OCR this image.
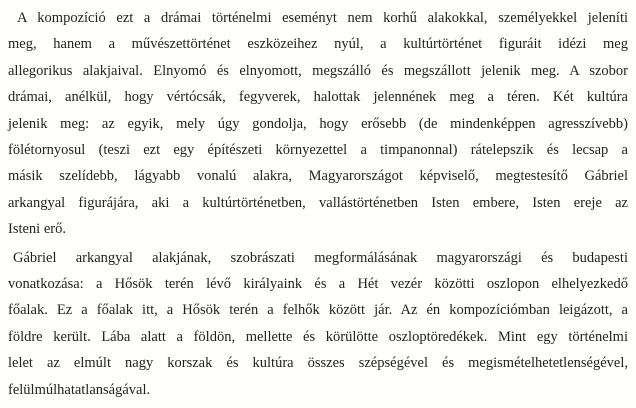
A kompozíció ezt a drámai történelmi eseményt nem korhű alakokkal, személyekkel jeleníti
meg, hanem a művészettörténet eszközeihez nyúl, a kultúrtörténet figuráit idézi meg
allegorikus alakjaival. Elnyomó és elnyomott, megszálló és megszállott jelenik meg. A szobor
drámai, anélkül, hogy vértócsák, fegyverek, halottak jelennének meg a téren. Két kultúra
jelenik meg: az egyik, mely úgy gondolja, hogy erősebb (de mindenképpen agresszívebb)
fölétornyosul (teszi ezt egy építészeti környezettel a timpanonnal) rátelepszik és lecsap a
másik szelídebb, lágyabb vonalú alakra, Magyarországot képviselő, megtestesítő Gábriel
arkangyal figurájára, aki a kultúrtörténetben, vallástörténetben Isten embere, Isten ereje az
Isteni erő.
Gábriel arkangyal alakjának, szobrászati megformálásának magyarországi és budapesti
vonatkozása: a Hősök terén lévő királyaink és a Hét vezér közötti oszlopon elhelyezkedő
főalak. Ez a főalak itt, a Hősök terén a felhők között jár. Az én kompozíciómban leigázott, a
földre került. Lába alatt a földön, mellette és körülötte oszloptöredékek. Mint egy történelmi
lelet az elmúlt nagy korszak és kultúra összes szépségével és megismételhetetlenségével,
felülmúlhatatlanságával.
